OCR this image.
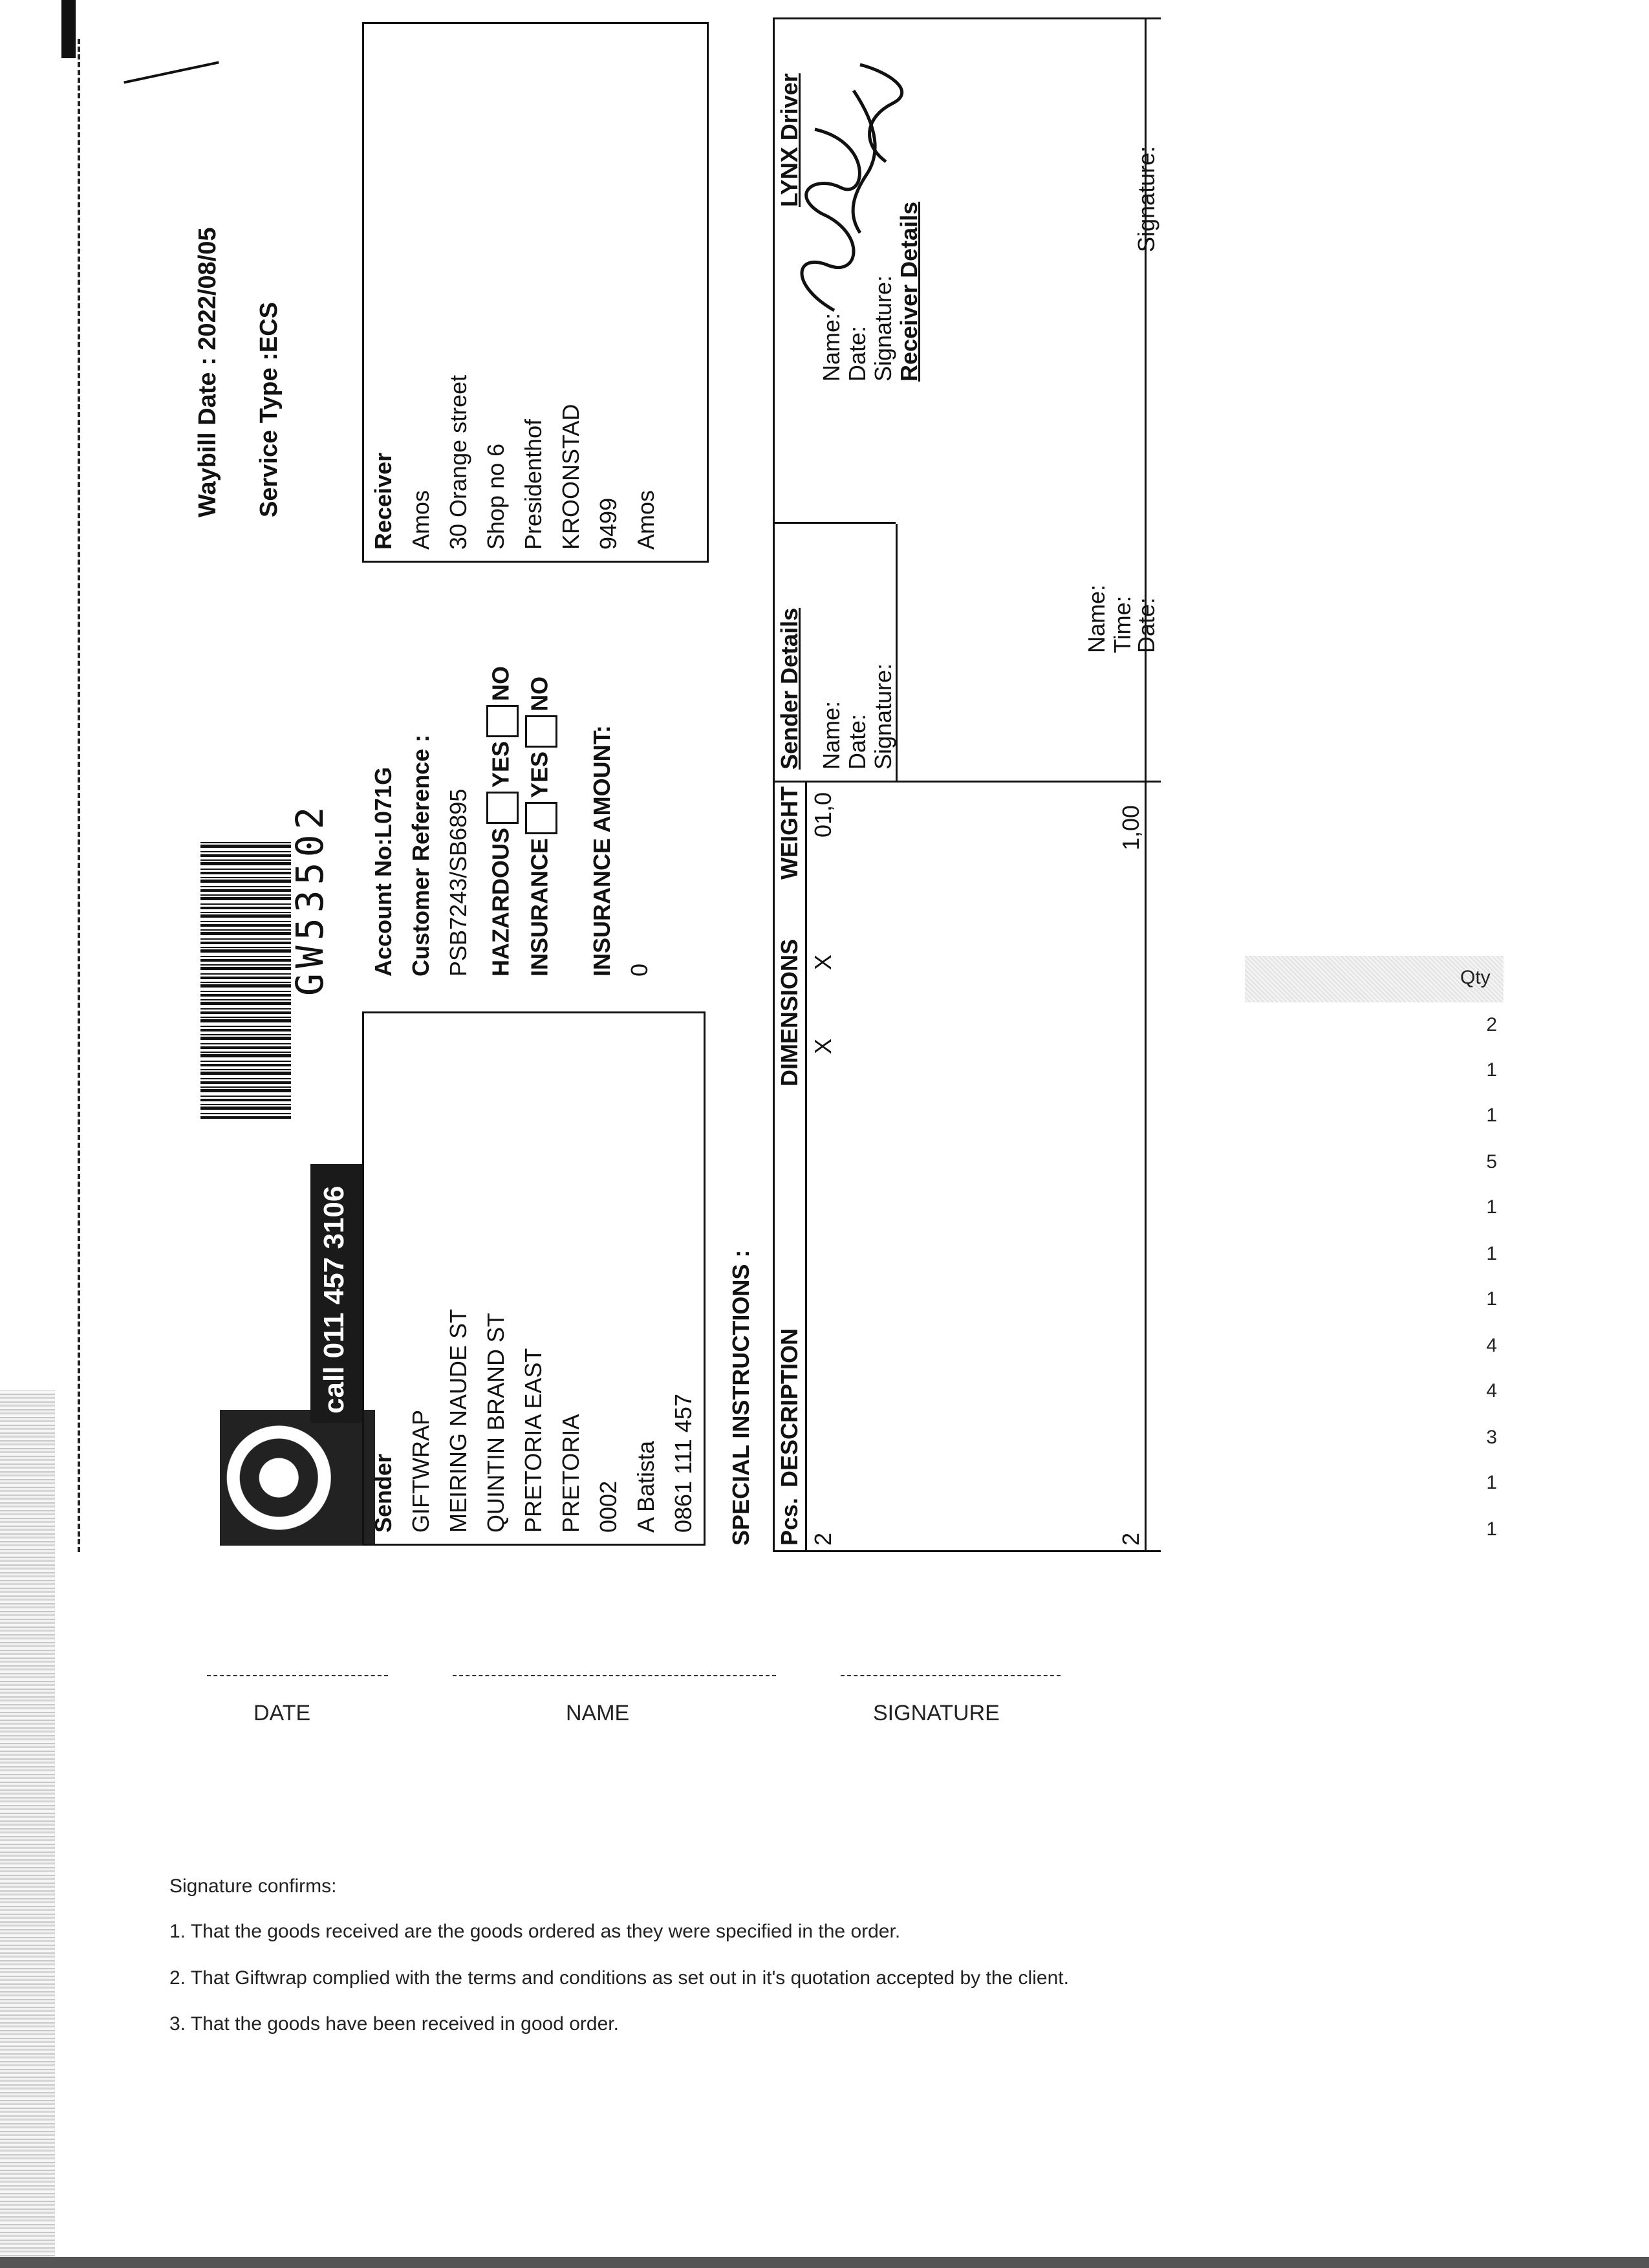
call 011 457 3106
GW53502
Waybill Date : 2022/08/05 Service Type :ECS
Sender GIFTWRAP MEIRING NAUDE ST QUINTIN BRAND ST PRETORIA EAST PRETORIA 0002 A Batista 0861 111 457
Account No:L071G Customer Reference : PSB7243/SB6895 HAZARDOUSYESNO
INSURANCEYESNO
INSURANCE AMOUNT: 0
Receiver Amos 30 Orange street Shop no 6 Presidenthof KROONSTAD 9499 Amos
SPECIAL INSTRUCTIONS : Pcs.
DESCRIPTION
DIMENSIONS
WEIGHT
2
X
X
01,0
2
1,00
Sender Details Name: Date: Signature:
LYNX Driver
Name: Date: Signature: Receiver Details
Name: Time:
Date:
Signature:
DATE	NAME	SIGNATURE
Signature confirms:
1. That the goods received are the goods ordered as they were specified in the order.
2. That Giftwrap complied with the terms and conditions as set out in it's quotation accepted by the client.
3. That the goods have been received in good order.
Qty
2
1
1
5
1
1
1
4
4
3
1
1
